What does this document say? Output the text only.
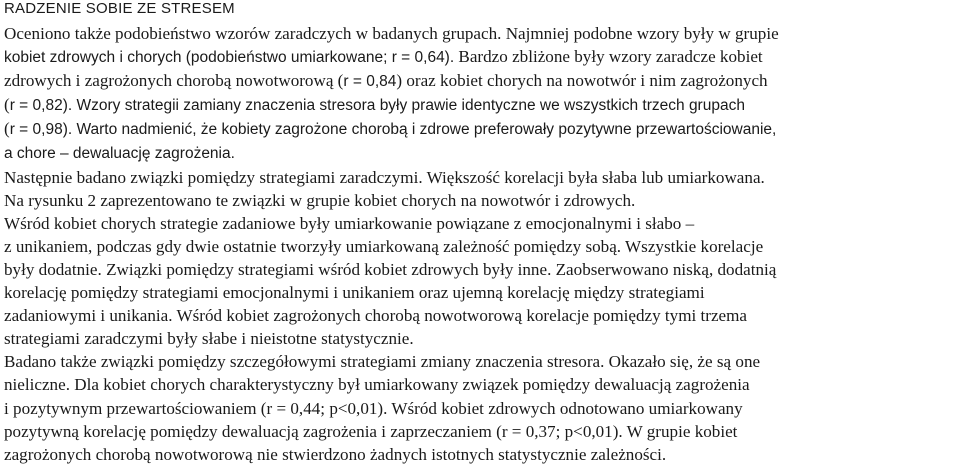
RADZENIE SOBIE ZE STRESEM
Oceniono także podobieństwo wzorów zaradczych w badanych grupach. Najmniej podobne wzory były w grupie
kobiet zdrowych i chorych (podobieństwo umiarkowane; r = 0,64). Bardzo zbliżone były wzory zaradcze kobiet
zdrowych i zagrożonych chorobą nowotworową (r = 0,84) oraz kobiet chorych na nowotwór i nim zagrożonych
(r = 0,82). Wzory strategii zamiany znaczenia stresora były prawie identyczne we wszystkich trzech grupach
(r = 0,98). Warto nadmienić, że kobiety zagrożone chorobą i zdrowe preferowały pozytywne przewartościowanie,
a chore – dewaluację zagrożenia.
Następnie badano związki pomiędzy strategiami zaradczymi. Większość korelacji była słaba lub umiarkowana.
Na rysunku 2 zaprezentowano te związki w grupie kobiet chorych na nowotwór i zdrowych.
Wśród kobiet chorych strategie zadaniowe były umiarkowanie powiązane z emocjonalnymi i słabo –
z unikaniem, podczas gdy dwie ostatnie tworzyły umiarkowaną zależność pomiędzy sobą. Wszystkie korelacje
były dodatnie. Związki pomiędzy strategiami wśród kobiet zdrowych były inne. Zaobserwowano niską, dodatnią
korelację pomiędzy strategiami emocjonalnymi i unikaniem oraz ujemną korelację między strategiami
zadaniowymi i unikania. Wśród kobiet zagrożonych chorobą nowotworową korelacje pomiędzy tymi trzema
strategiami zaradczymi były słabe i nieistotne statystycznie.
Badano także związki pomiędzy szczegółowymi strategiami zmiany znaczenia stresora. Okazało się, że są one
nieliczne. Dla kobiet chorych charakterystyczny był umiarkowany związek pomiędzy dewaluacją zagrożenia
i pozytywnym przewartościowaniem (r = 0,44; p<0,01). Wśród kobiet zdrowych odnotowano umiarkowany
pozytywną korelację pomiędzy dewaluacją zagrożenia i zaprzeczaniem (r = 0,37; p<0,01). W grupie kobiet
zagrożonych chorobą nowotworową nie stwierdzono żadnych istotnych statystycznie zależności.
